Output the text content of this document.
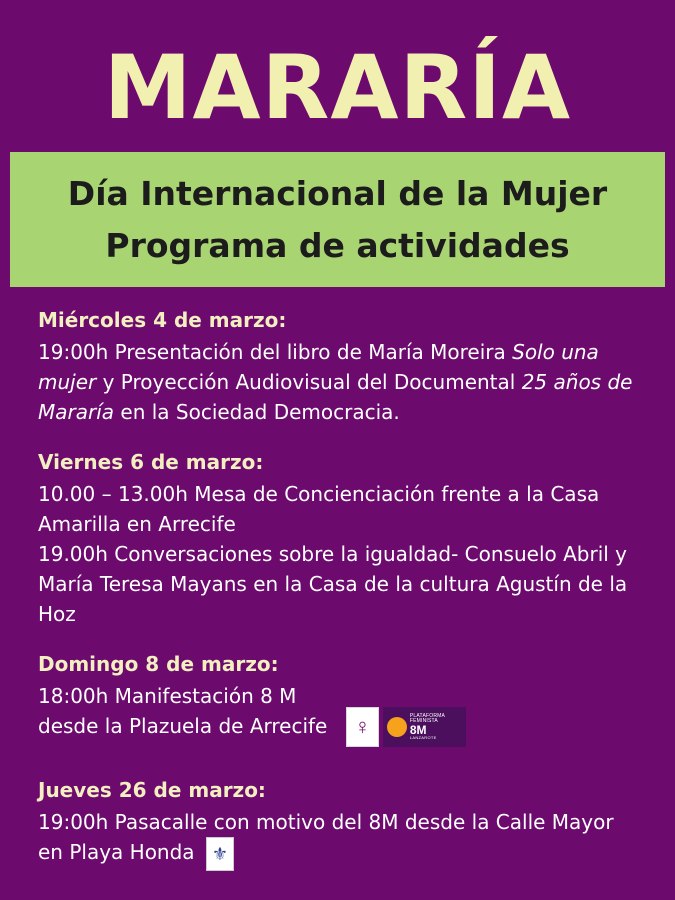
MARARÍA
Día Internacional de la Mujer
Programa de actividades
Miércoles 4 de marzo:
19:00h Presentación del libro de María Moreira Solo una
mujer y Proyección Audiovisual del Documental 25 años de
Mararía en la Sociedad Democracia.
Viernes 6 de marzo:
10.00 – 13.00h Mesa de Concienciación frente a la Casa
Amarilla en Arrecife
19.00h Conversaciones sobre la igualdad- Consuelo Abril y
María Teresa Mayans en la Casa de la cultura Agustín de la
Hoz
Domingo 8 de marzo:
18:00h Manifestación 8 M
desde la Plazuela de Arrecife	♀	PLATAFORMA
FEMINISTA
8M
LANZAROTE
Jueves 26 de marzo:
19:00h Pasacalle con motivo del 8M desde la Calle Mayor
en Playa Honda ⚜
